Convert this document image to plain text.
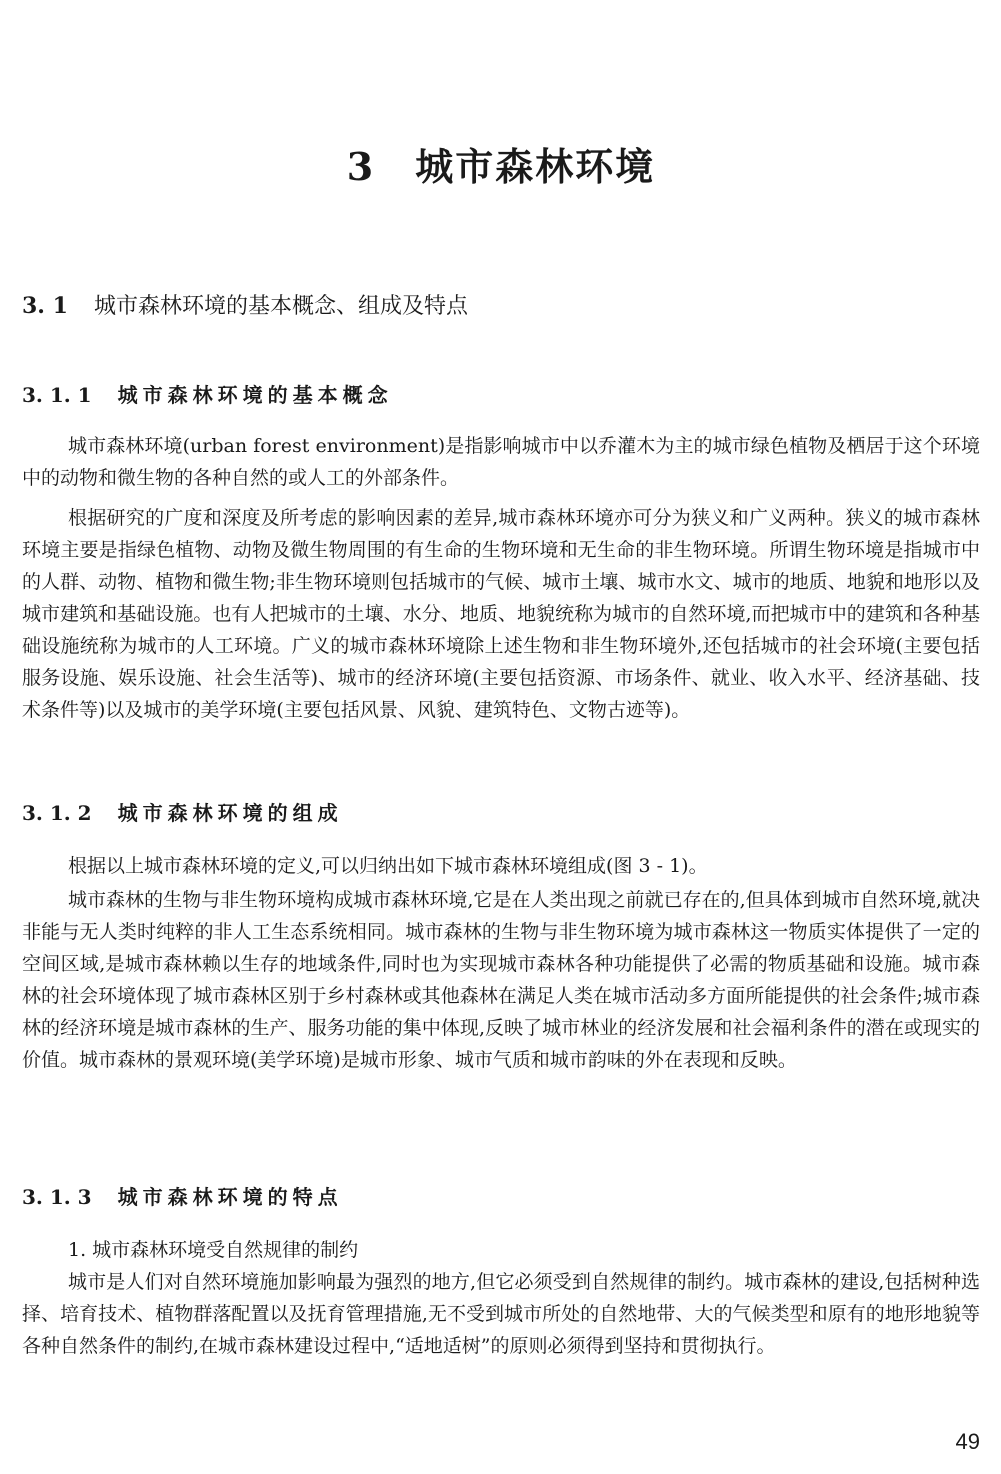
3 城市森林环境
3. 1 城市森林环境的基本概念、组成及特点
3. 1. 1 城市森林环境的基本概念

城市森林环境(urban forest environment)是指影响城市中以乔灌木为主的城市绿色植物及栖居于这个环境中的动物和微生物的各种自然的或人工的外部条件。

根据研究的广度和深度及所考虑的影响因素的差异,城市森林环境亦可分为狭义和广义两种。狭义的城市森林环境主要是指绿色植物、动物及微生物周围的有生命的生物环境和无生命的非生物环境。所谓生物环境是指城市中的人群、动物、植物和微生物;非生物环境则包括城市的气候、城市土壤、城市水文、城市的地质、地貌和地形以及城市建筑和基础设施。也有人把城市的土壤、水分、地质、地貌统称为城市的自然环境,而把城市中的建筑和各种基础设施统称为城市的人工环境。广义的城市森林环境除上述生物和非生物环境外,还包括城市的社会环境(主要包括服务设施、娱乐设施、社会生活等)、城市的经济环境(主要包括资源、市场条件、就业、收入水平、经济基础、技术条件等)以及城市的美学环境(主要包括风景、风貌、建筑特色、文物古迹等)。

3. 1. 2 城市森林环境的组成

根据以上城市森林环境的定义,可以归纳出如下城市森林环境组成(图 3 - 1)。

城市森林的生物与非生物环境构成城市森林环境,它是在人类出现之前就已存在的,但具体到城市自然环境,就决非能与无人类时纯粹的非人工生态系统相同。城市森林的生物与非生物环境为城市森林这一物质实体提供了一定的空间区域,是城市森林赖以生存的地域条件,同时也为实现城市森林各种功能提供了必需的物质基础和设施。城市森林的社会环境体现了城市森林区别于乡村森林或其他森林在满足人类在城市活动多方面所能提供的社会条件;城市森林的经济环境是城市森林的生产、服务功能的集中体现,反映了城市林业的经济发展和社会福利条件的潜在或现实的价值。城市森林的景观环境(美学环境)是城市形象、城市气质和城市韵味的外在表现和反映。

3. 1. 3 城市森林环境的特点

1. 城市森林环境受自然规律的制约

城市是人们对自然环境施加影响最为强烈的地方,但它必须受到自然规律的制约。城市森林的建设,包括树种选择、培育技术、植物群落配置以及抚育管理措施,无不受到城市所处的自然地带、大的气候类型和原有的地形地貌等各种自然条件的制约,在城市森林建设过程中,“适地适树”的原则必须得到坚持和贯彻执行。

49
